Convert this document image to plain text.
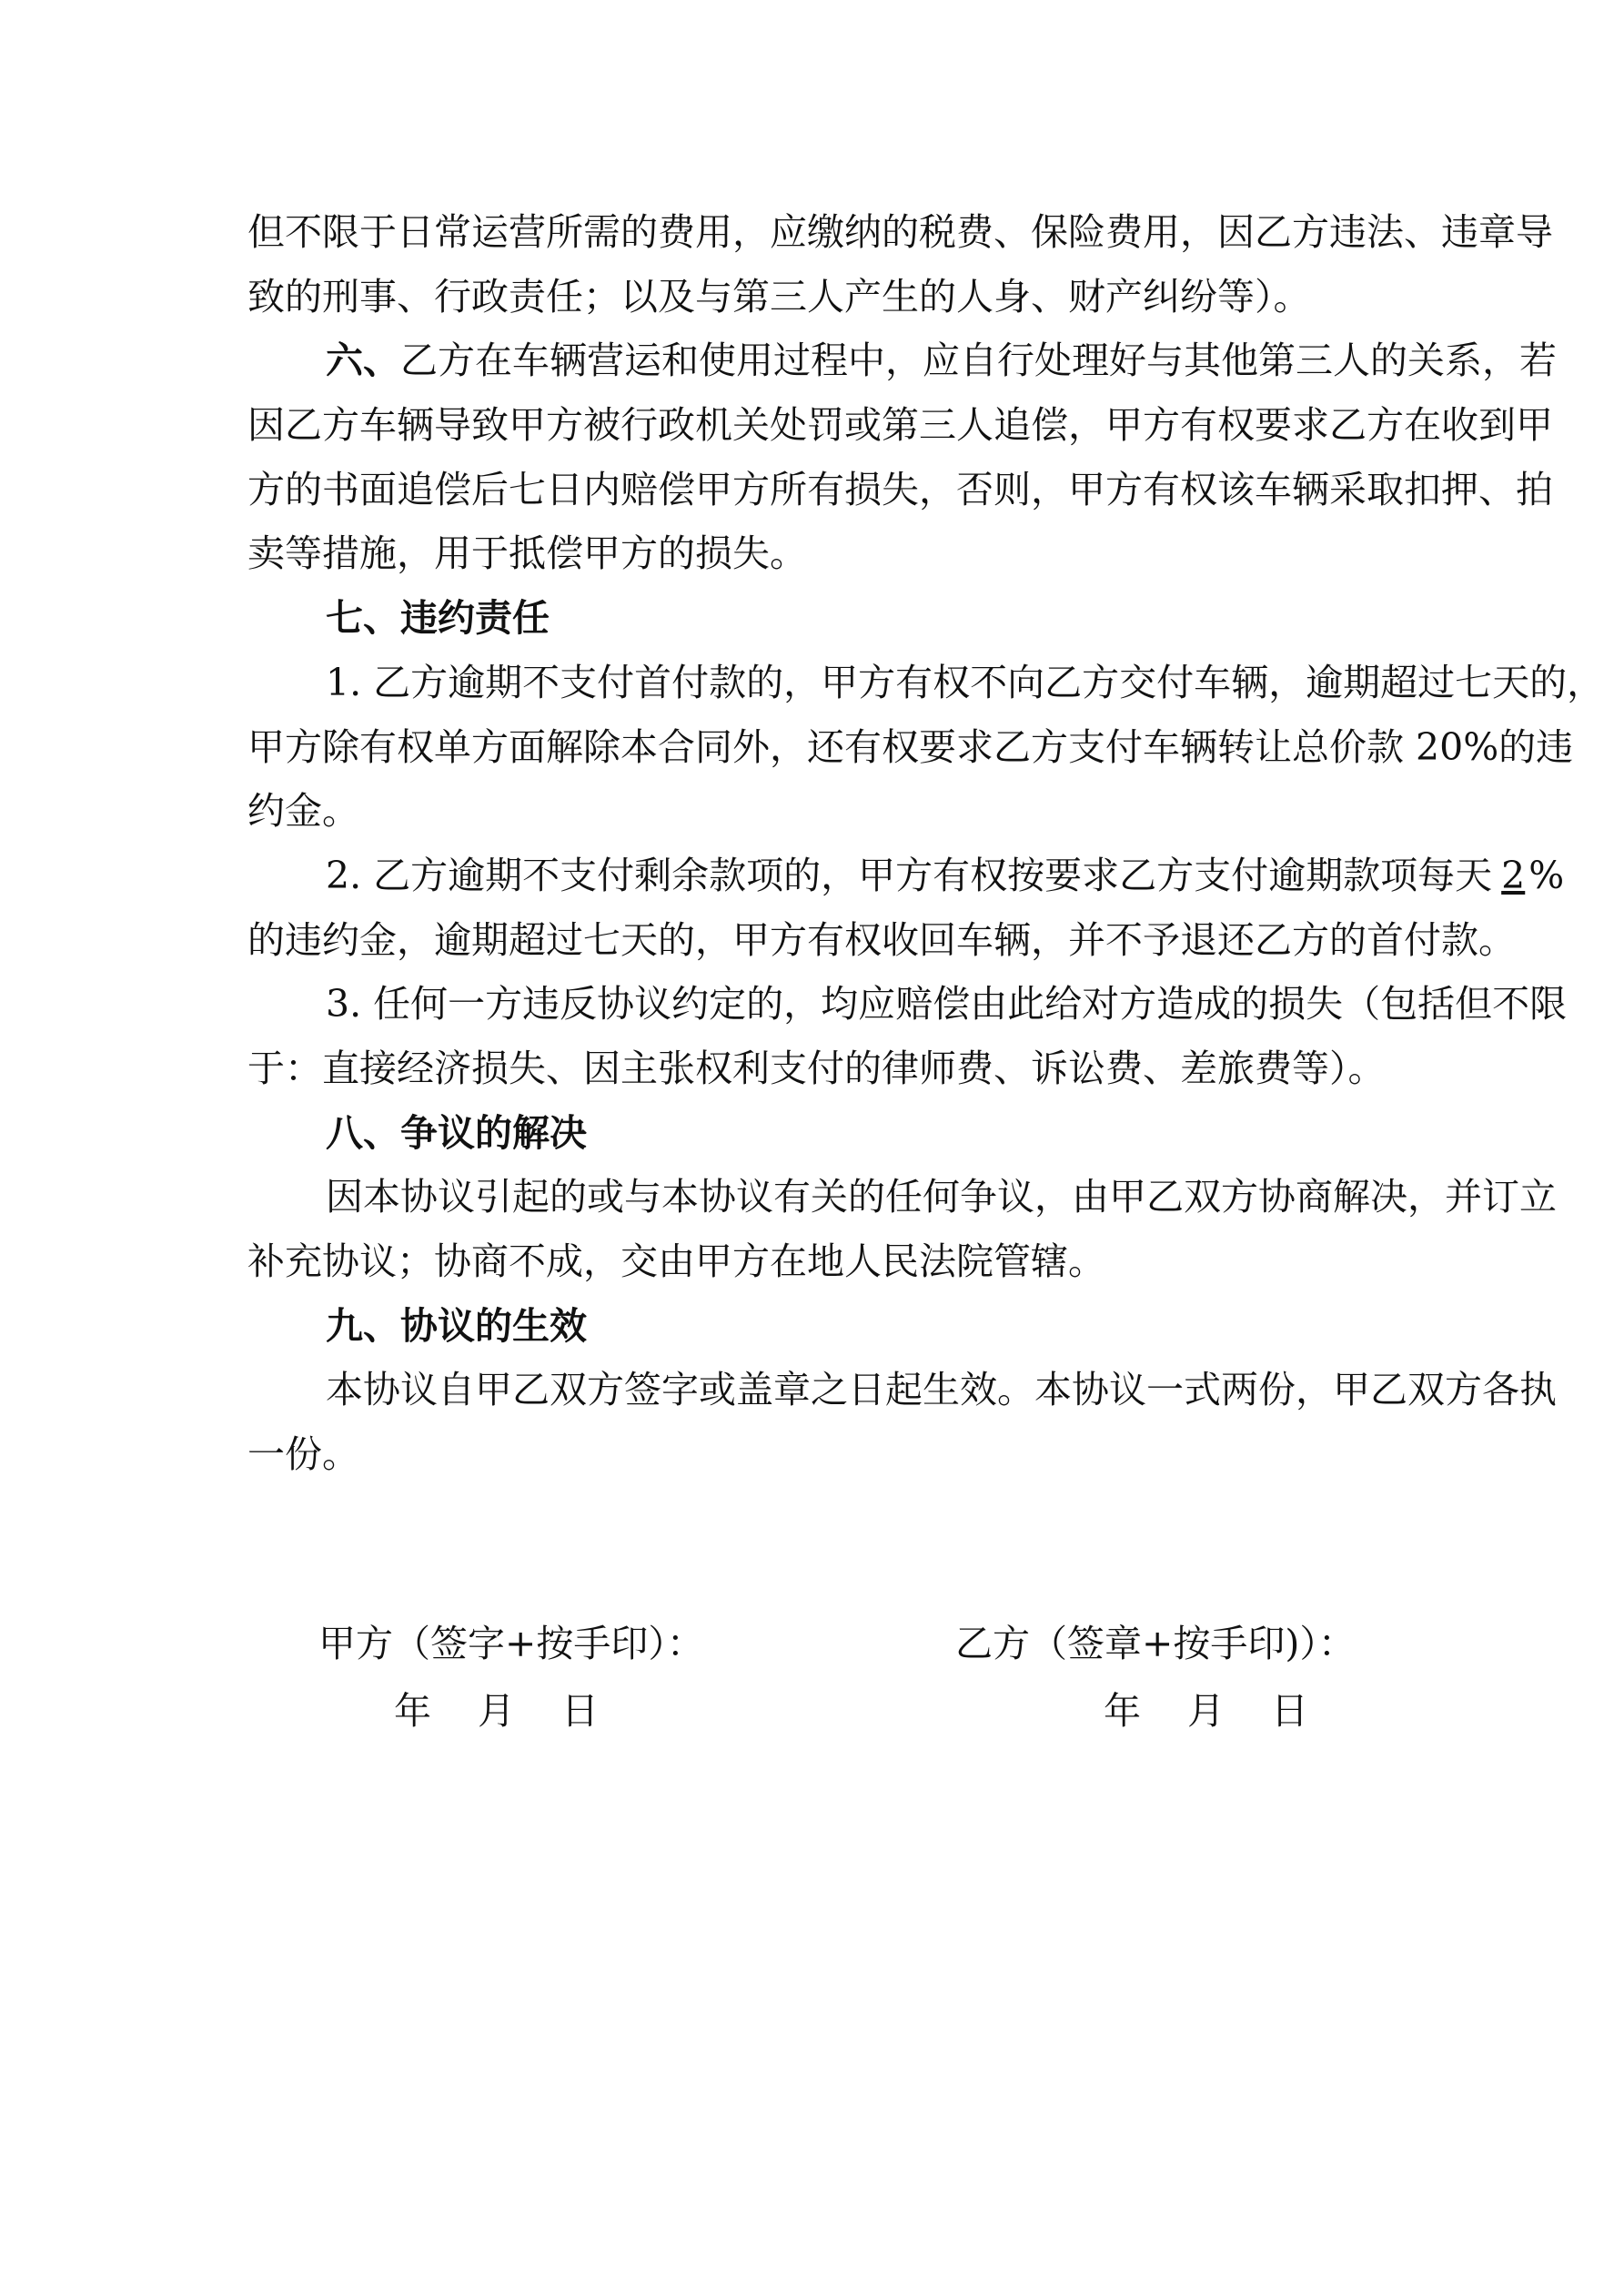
但不限于日常运营所需的费用，应缴纳的税费、保险费用，因乙方违法、违章导
致的刑事、行政责任；以及与第三人产生的人身、财产纠纷等）。
六、乙方在车辆营运和使用过程中，应自行处理好与其他第三人的关系，若
因乙方车辆导致甲方被行政机关处罚或第三人追偿，甲方有权要求乙方在收到甲
方的书面追偿后七日内赔偿甲方所有损失，否则，甲方有权该车辆采取扣押、拍
卖等措施，用于抵偿甲方的损失。
七、违约责任
1. 乙方逾期不支付首付款的，甲方有权不向乙方交付车辆，逾期超过七天的，
甲方除有权单方面解除本合同外，还有权要求乙方支付车辆转让总价款 20%的违
约金。
2. 乙方逾期不支付剩余款项的，甲方有权按要求乙方支付逾期款项每天 2%
的违约金，逾期超过七天的，甲方有权收回车辆，并不予退还乙方的首付款。
3. 任何一方违反协议约定的，均应赔偿由此给对方造成的损失（包括但不限
于：直接经济损失、因主张权利支付的律师费、诉讼费、差旅费等）。
八、争议的解决
因本协议引起的或与本协议有关的任何争议，由甲乙双方协商解决，并订立
补充协议；协商不成，交由甲方在地人民法院管辖。
九、协议的生效
本协议自甲乙双方签字或盖章之日起生效。本协议一式两份，甲乙双方各执
一份。
甲方（签字+按手印）：
年 月 日
乙方（签章+按手印)）：
年 月 日
